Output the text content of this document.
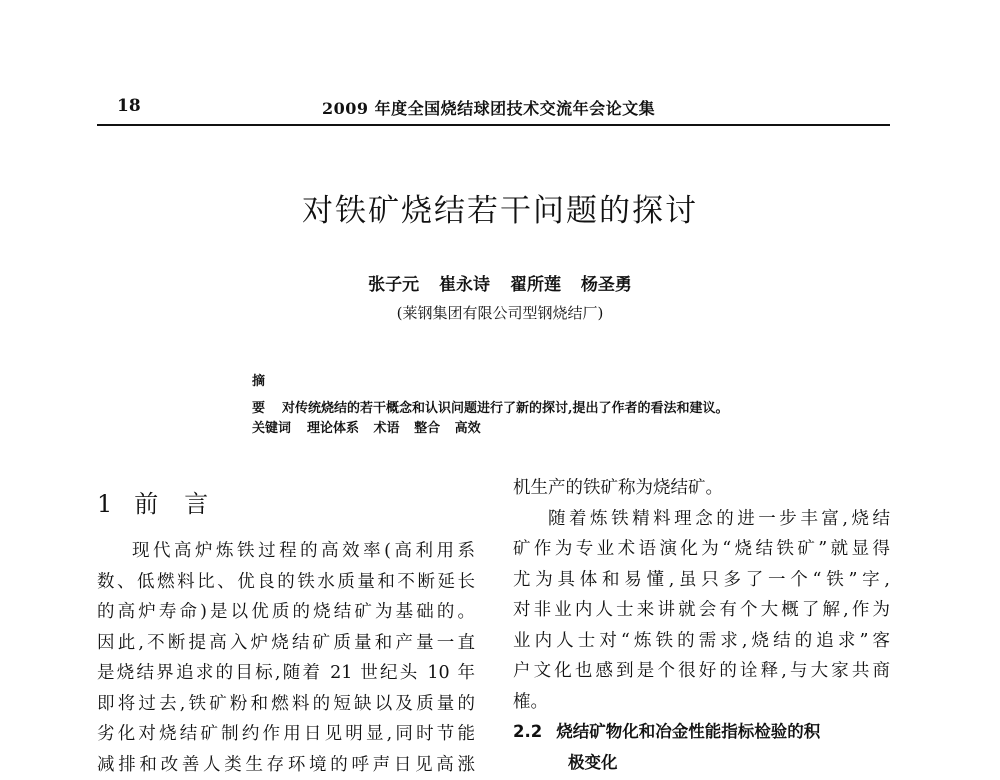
18	2009 年度全国烧结球团技术交流年会论文集
对铁矿烧结若干问题的探讨
张子元 崔永诗 翟所莲 杨圣勇
(莱钢集团有限公司型钢烧结厂)
摘要 对传统烧结的若干概念和认识问题进行了新的探讨,提出了作者的看法和建议。
关键词 理论体系 术语 整合 高效
1 前言

现代高炉炼铁过程的高效率(高利用系

数、低燃料比、优良的铁水质量和不断延长

的高炉寿命)是以优质的烧结矿为基础的。

因此,不断提高入炉烧结矿质量和产量一直

是烧结界追求的目标,随着 21 世纪头 10 年

即将过去,铁矿粉和燃料的短缺以及质量的

劣化对烧结矿制约作用日见明显,同时节能

减排和改善人类生存环境的呼声日见高涨

机生产的铁矿称为烧结矿。

随着炼铁精料理念的进一步丰富,烧结

矿作为专业术语演化为“烧结铁矿”就显得

尤为具体和易懂,虽只多了一个“铁”字,

对非业内人士来讲就会有个大概了解,作为

业内人士对“炼铁的需求,烧结的追求”客

户文化也感到是个很好的诠释,与大家共商

榷。

2.2 烧结矿物化和冶金性能指标检验的积
极变化
